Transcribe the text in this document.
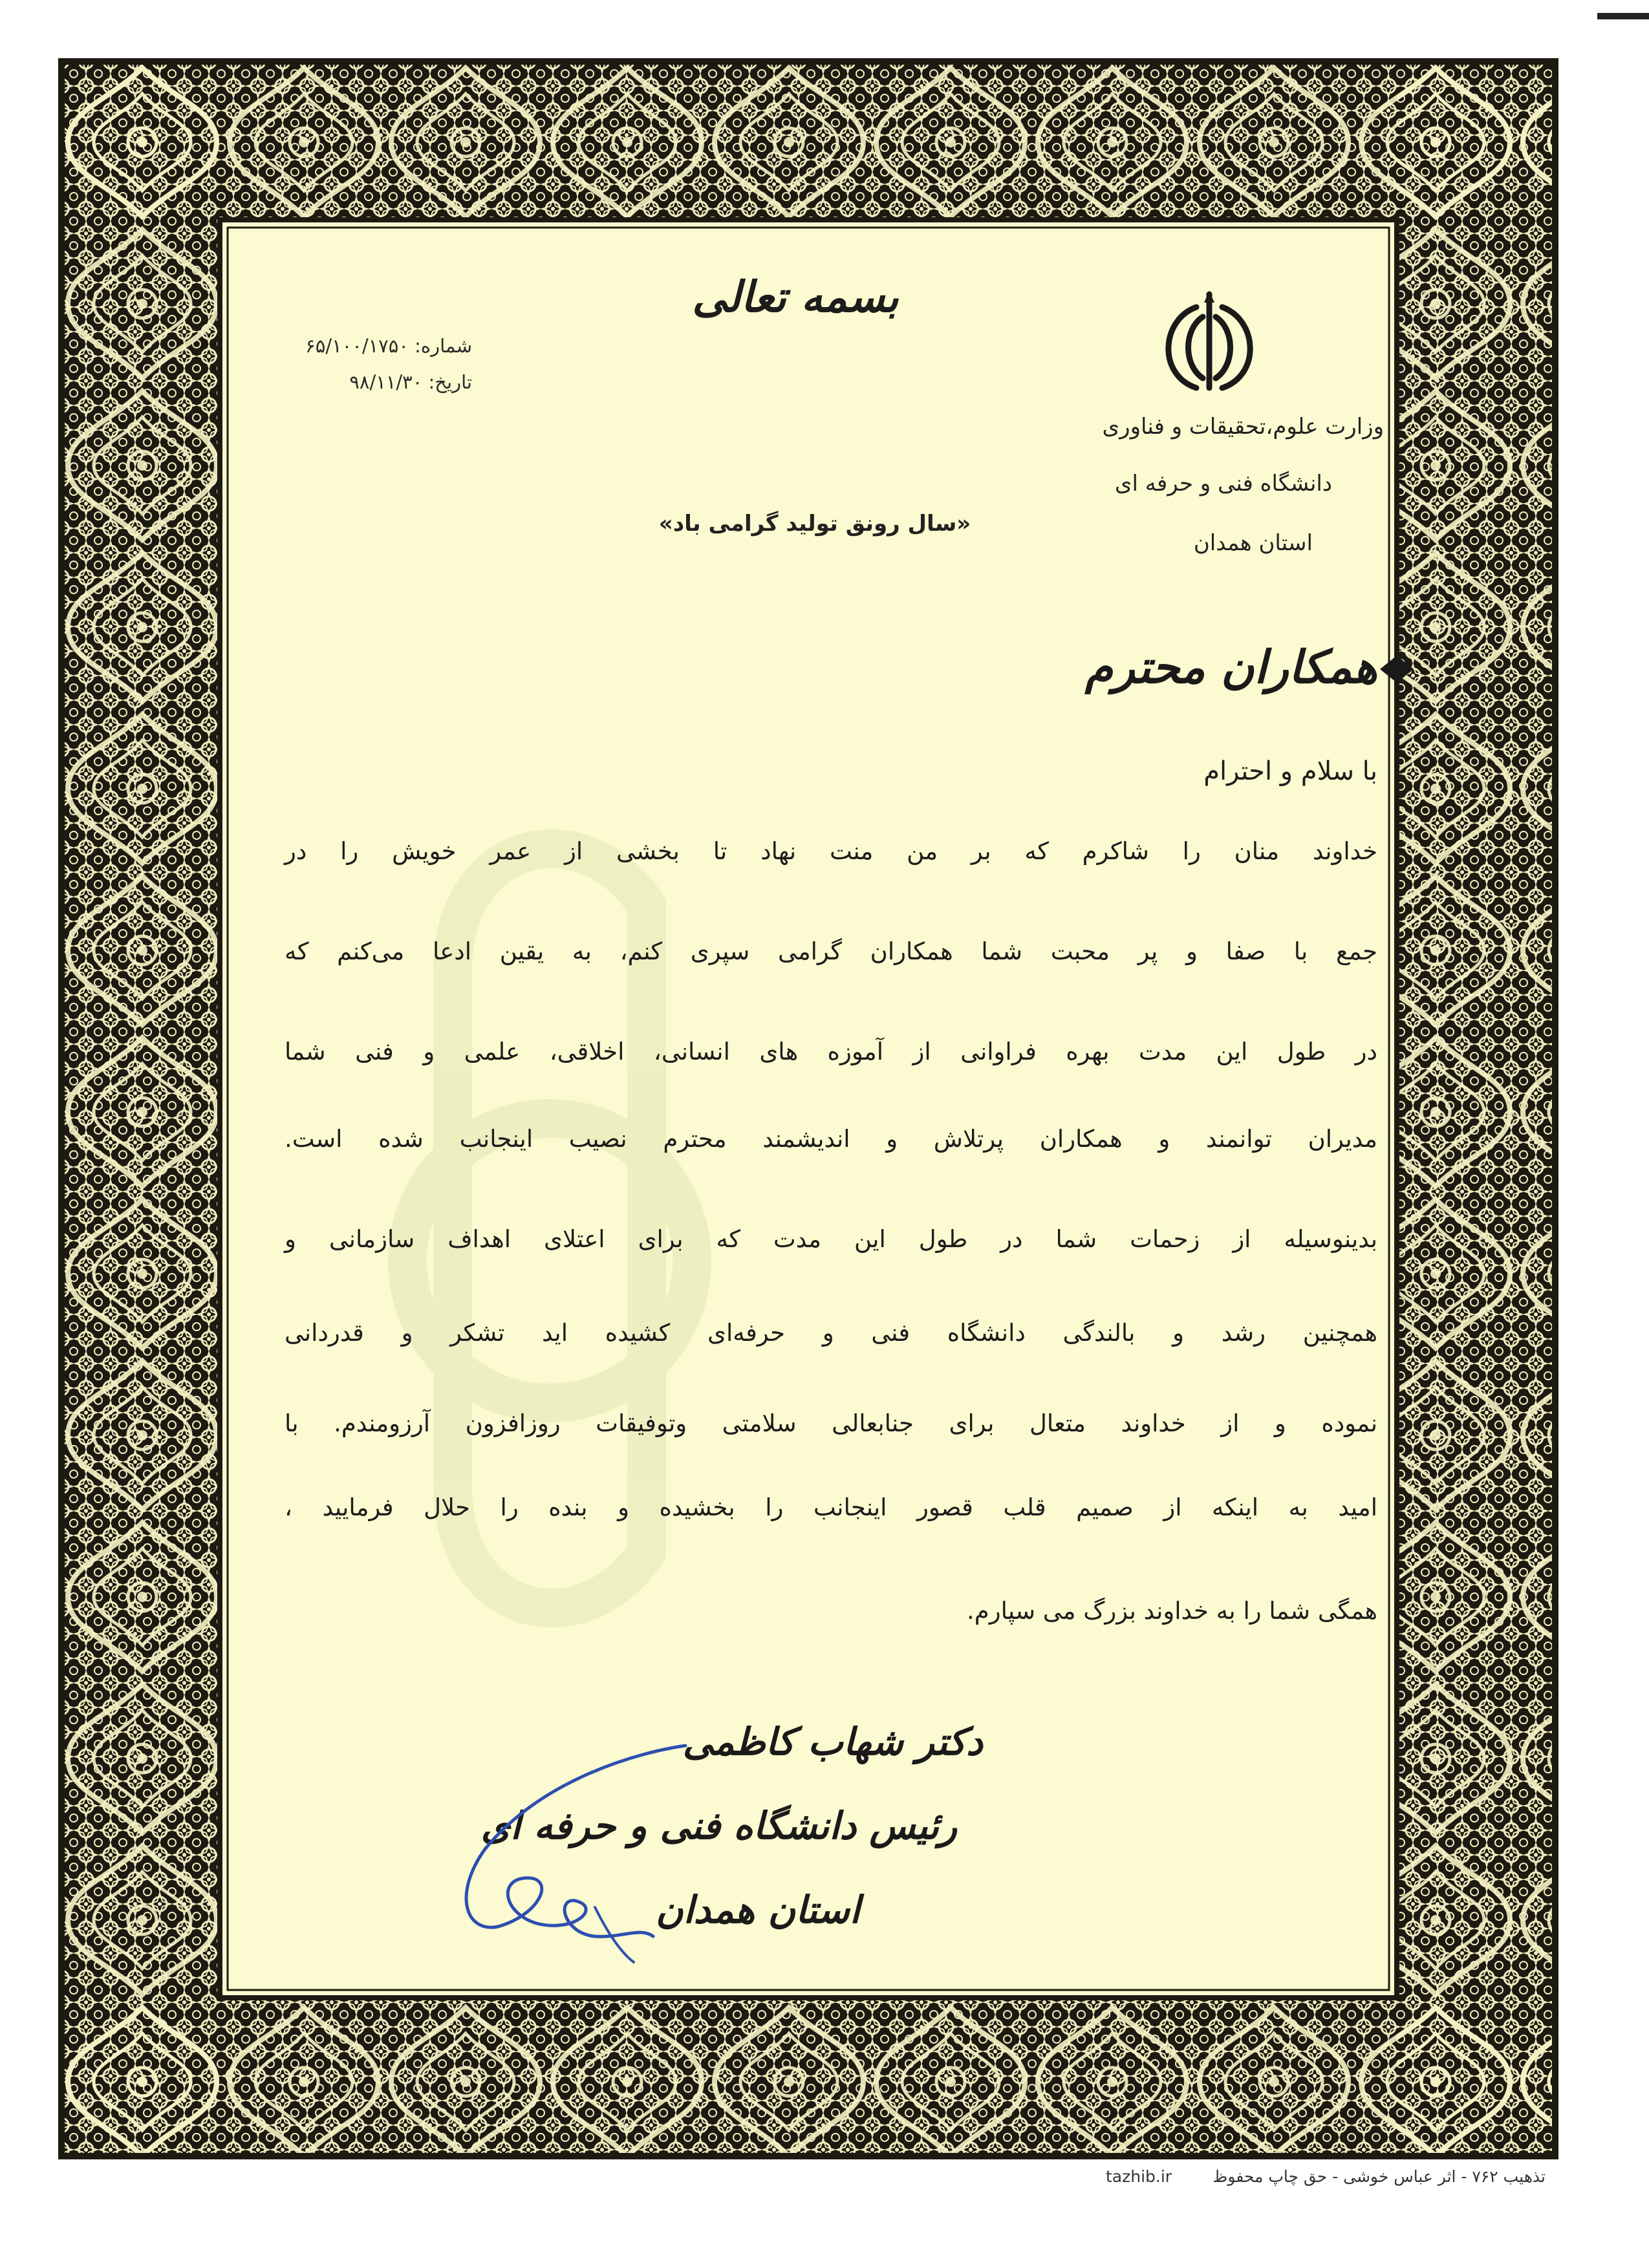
بسمه تعالی
شماره: ۶۵/۱۰۰/۱۷۵۰
تاریخ: ۹۸/۱۱/۳۰
وزارت علوم،تحقیقات و فناوری
دانشگاه فنی و حرفه ای
استان همدان
«سال رونق تولید گرامی باد»
همکاران محترم
با سلام و احترام
خداوند منان را شاکرم که بر من منت نهاد تا بخشی از عمر خویش را در
جمع با صفا و پر محبت شما همکاران گرامی سپری کنم، به یقین ادعا می‌کنم که
در طول این مدت بهره فراوانی از آموزه های انسانی، اخلاقی، علمی و فنی شما
مدیران توانمند و همکاران پرتلاش و اندیشمند محترم نصیب اینجانب شده است.
بدینوسیله از زحمات شما در طول این مدت که برای اعتلای اهداف سازمانی و
همچنین رشد و بالندگی دانشگاه فنی و حرفه‌ای کشیده اید تشکر و قدردانی
نموده و از خداوند متعال برای جنابعالی سلامتی وتوفیقات روزافزون آرزومندم. با
امید به اینکه از صمیم قلب قصور اینجانب را بخشیده و بنده را حلال فرمایید ،
همگی شما را به خداوند بزرگ می سپارم.
دکتر شهاب کاظمی
رئیس دانشگاه فنی و حرفه ای
استان همدان
tazhib.ir	تذهیب ۷۶۲ - اثر عباس خوشی - حق چاپ محفوظ
